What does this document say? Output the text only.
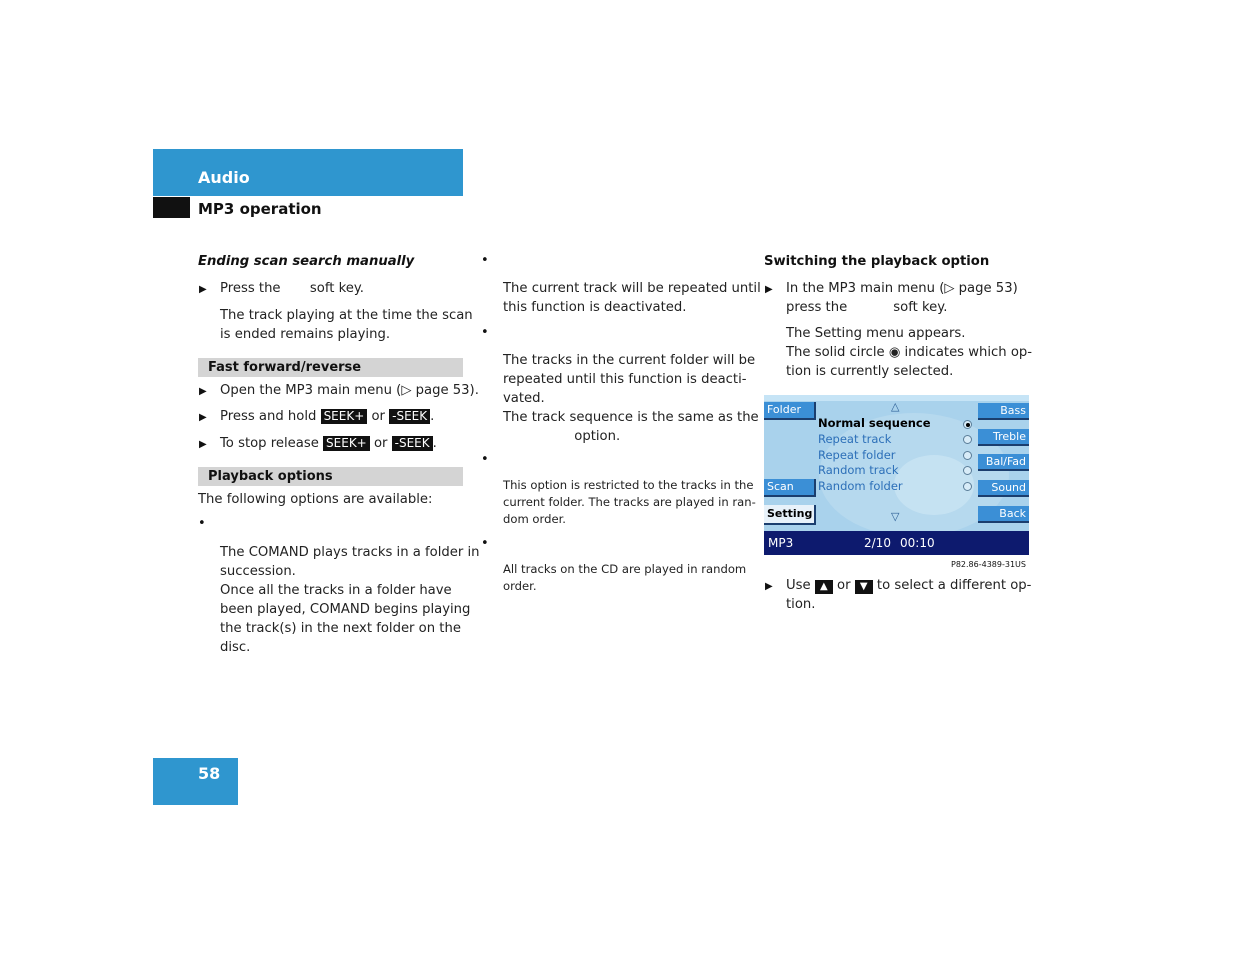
Audio
MP3 operation
Ending scan search manually
▶ Press the       soft key.
The track playing at the time the scan
is ended remains playing.
Fast forward/reverse
▶ Open the MP3 main menu (▷ page 53).
▶ Press and hold SEEK+ or -SEEK .
▶ To stop release SEEK+ or -SEEK .
Playback options
The following options are available:
•
The COMAND plays tracks in a folder in
succession.
Once all the tracks in a folder have
been played, COMAND begins playing
the track(s) in the next folder on the
disc.
•
The current track will be repeated until
this function is deactivated.
•
The tracks in the current folder will be
repeated until this function is deacti-
vated.
The track sequence is the same as the
option.
•
This option is restricted to the tracks in the
current folder. The tracks are played in ran-
dom order.
•
All tracks on the CD are played in random
order.
Switching the playback option
▶ In the MP3 main menu (▷ page 53)
press the           soft key.
The Setting menu appears.
The solid circle ◉ indicates which op-
tion is currently selected.
Folder
Scan
Setting
Bass
Treble
Bal/Fad
Sound
Back
△
▽
Normal sequence
Repeat track
Repeat folder
Random track
Random folder
MP3	2/10 00:10
P82.86-4389-31US
▶ Use ▲ or ▼ to select a different op-
tion.
58
